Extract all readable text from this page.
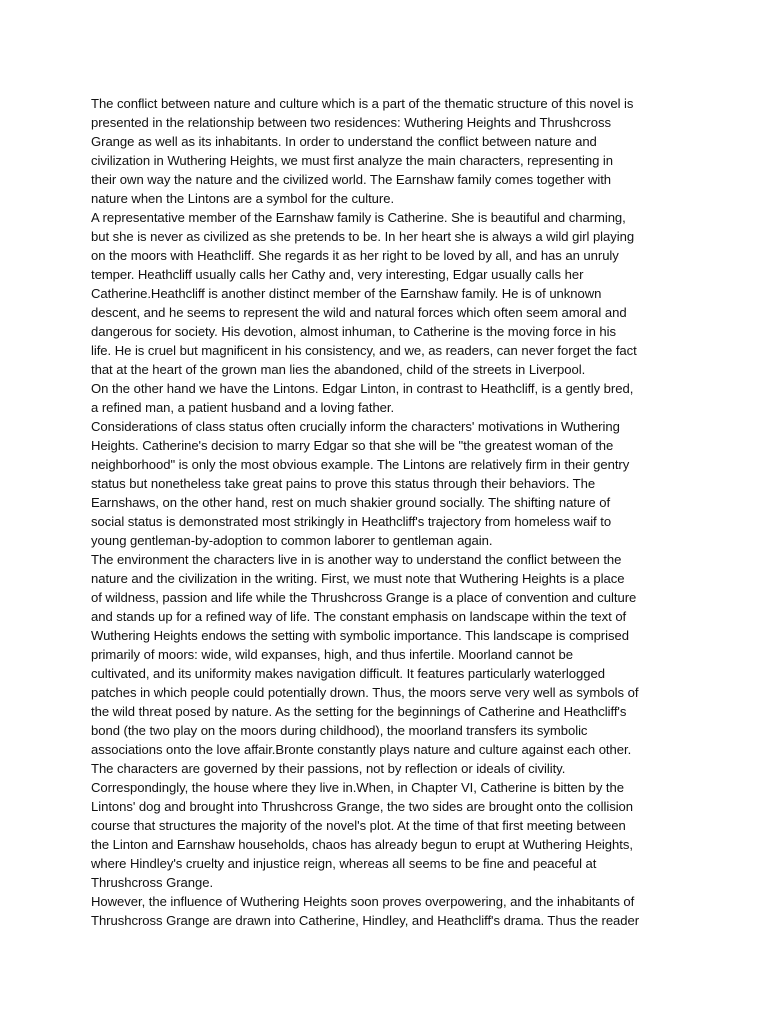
The conflict between nature and culture which is a part of the thematic structure of this novel is
presented in the relationship between two residences: Wuthering Heights and Thrushcross
Grange as well as its inhabitants. In order to understand the conflict between nature and
civilization in Wuthering Heights, we must first analyze the main characters, representing in
their own way the nature and the civilized world. The Earnshaw family comes together with
nature when the Lintons are a symbol for the culture.
A representative member of the Earnshaw family is Catherine. She is beautiful and charming,
but she is never as civilized as she pretends to be. In her heart she is always a wild girl playing
on the moors with Heathcliff. She regards it as her right to be loved by all, and has an unruly
temper. Heathcliff usually calls her Cathy and, very interesting, Edgar usually calls her
Catherine.Heathcliff is another distinct member of the Earnshaw family. He is of unknown
descent, and he seems to represent the wild and natural forces which often seem amoral and
dangerous for society. His devotion, almost inhuman, to Catherine is the moving force in his
life. He is cruel but magnificent in his consistency, and we, as readers, can never forget the fact
that at the heart of the grown man lies the abandoned, child of the streets in Liverpool.
On the other hand we have the Lintons. Edgar Linton, in contrast to Heathcliff, is a gently bred,
a refined man, a patient husband and a loving father.
Considerations of class status often crucially inform the characters' motivations in Wuthering
Heights. Catherine's decision to marry Edgar so that she will be "the greatest woman of the
neighborhood" is only the most obvious example. The Lintons are relatively firm in their gentry
status but nonetheless take great pains to prove this status through their behaviors. The
Earnshaws, on the other hand, rest on much shakier ground socially. The shifting nature of
social status is demonstrated most strikingly in Heathcliff's trajectory from homeless waif to
young gentleman-by-adoption to common laborer to gentleman again.
The environment the characters live in is another way to understand the conflict between the
nature and the civilization in the writing. First, we must note that Wuthering Heights is a place
of wildness, passion and life while the Thrushcross Grange is a place of convention and culture
and stands up for a refined way of life. The constant emphasis on landscape within the text of
Wuthering Heights endows the setting with symbolic importance. This landscape is comprised
primarily of moors: wide, wild expanses, high, and thus infertile. Moorland cannot be
cultivated, and its uniformity makes navigation difficult. It features particularly waterlogged
patches in which people could potentially drown. Thus, the moors serve very well as symbols of
the wild threat posed by nature. As the setting for the beginnings of Catherine and Heathcliff's
bond (the two play on the moors during childhood), the moorland transfers its symbolic
associations onto the love affair.Bronte constantly plays nature and culture against each other.
The characters are governed by their passions, not by reflection or ideals of civility.
Correspondingly, the house where they live in.When, in Chapter VI, Catherine is bitten by the
Lintons' dog and brought into Thrushcross Grange, the two sides are brought onto the collision
course that structures the majority of the novel's plot. At the time of that first meeting between
the Linton and Earnshaw households, chaos has already begun to erupt at Wuthering Heights,
where Hindley's cruelty and injustice reign, whereas all seems to be fine and peaceful at
Thrushcross Grange.
However, the influence of Wuthering Heights soon proves overpowering, and the inhabitants of
Thrushcross Grange are drawn into Catherine, Hindley, and Heathcliff's drama. Thus the reader
